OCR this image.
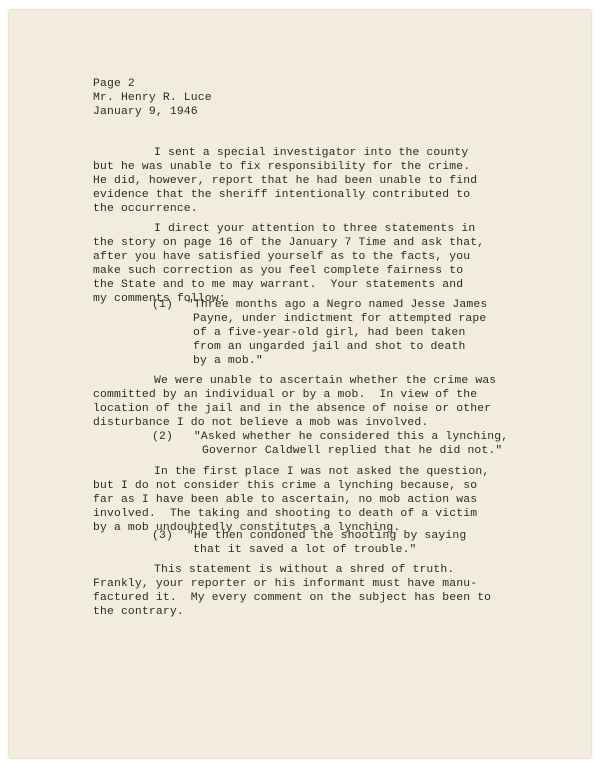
Page 2

Mr. Henry R. Luce

January 9, 1946

I sent a special investigator into the county

but he was unable to fix responsibility for the crime.

He did, however, report that he had been unable to find

evidence that the sheriff intentionally contributed to

the occurrence.

I direct your attention to three statements in

the story on page 16 of the January 7 Time and ask that,

after you have satisfied yourself as to the facts, you

make such correction as you feel complete fairness to

the State and to me may warrant.  Your statements and

my comments follow:

(1)  "Three months ago a Negro named Jesse James

Payne, under indictment for attempted rape

of a five-year-old girl, had been taken

from an ungarded jail and shot to death

by a mob."

We were unable to ascertain whether the crime was

committed by an individual or by a mob.  In view of the

location of the jail and in the absence of noise or other

disturbance I do not believe a mob was involved.

(2)   "Asked whether he considered this a lynching,

Governor Caldwell replied that he did not."

In the first place I was not asked the question,

but I do not consider this crime a lynching because, so

far as I have been able to ascertain, no mob action was

involved.  The taking and shooting to death of a victim

by a mob undoubtedly constitutes a lynching.

(3)  "He then condoned the shooting by saying

that it saved a lot of trouble."

This statement is without a shred of truth.

Frankly, your reporter or his informant must have manu-

factured it.  My every comment on the subject has been to

the contrary.
